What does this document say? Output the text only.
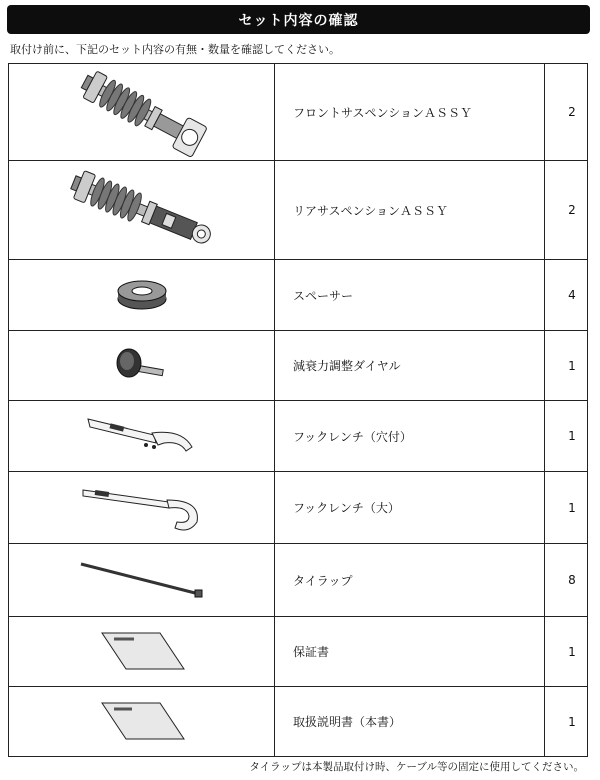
セット内容の確認
取付け前に、下記のセット内容の有無・数量を確認してください。
フロントサスペンションＡＳＳＹ	2
リアサスペンションＡＳＳＹ	2
スペーサー	4
減衰力調整ダイヤル	1
フックレンチ（穴付）	1
フックレンチ（大）	1
タイラップ	8
保証書	1
取扱説明書（本書）	1
タイラップは本製品取付け時、ケーブル等の固定に使用してください。
